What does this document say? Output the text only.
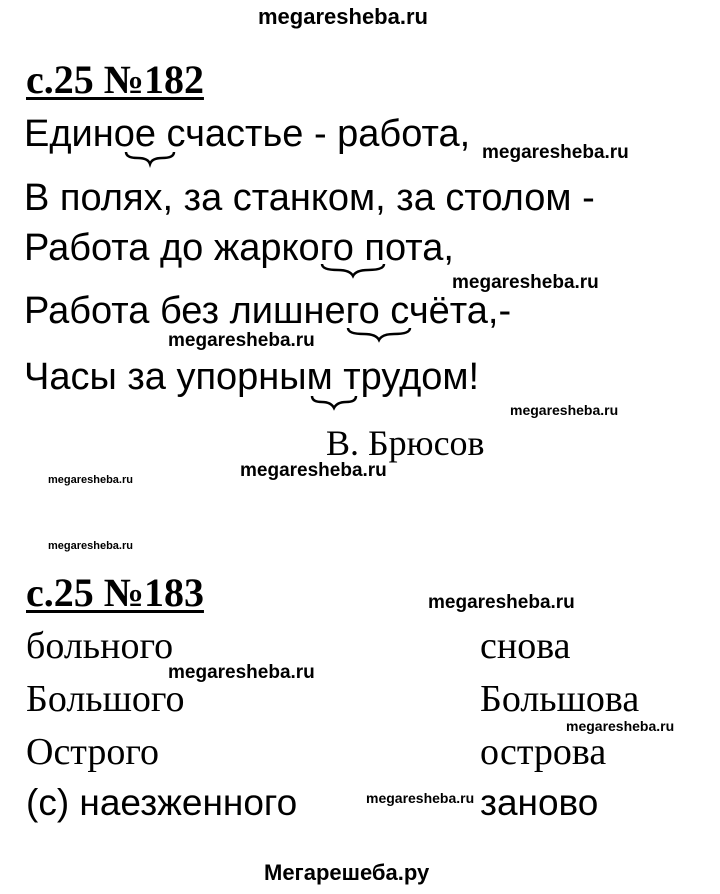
megaresheba.ru
с.25 №182
Единое счастье - работа,
В полях, за станком, за столом -
Работа до жаркого пота,
Работа без лишнего счёта,-
Часы за упорным трудом!
В. Брюсов
megaresheba.ru
megaresheba.ru
megaresheba.ru
megaresheba.ru
megaresheba.ru
megaresheba.ru
megaresheba.ru
с.25 №183	megaresheba.ru
больного
Большого
Острого
(с) наезженного
снова
Большова
острова
заново
megaresheba.ru
megaresheba.ru
megaresheba.ru
Мегарешеба.ру
